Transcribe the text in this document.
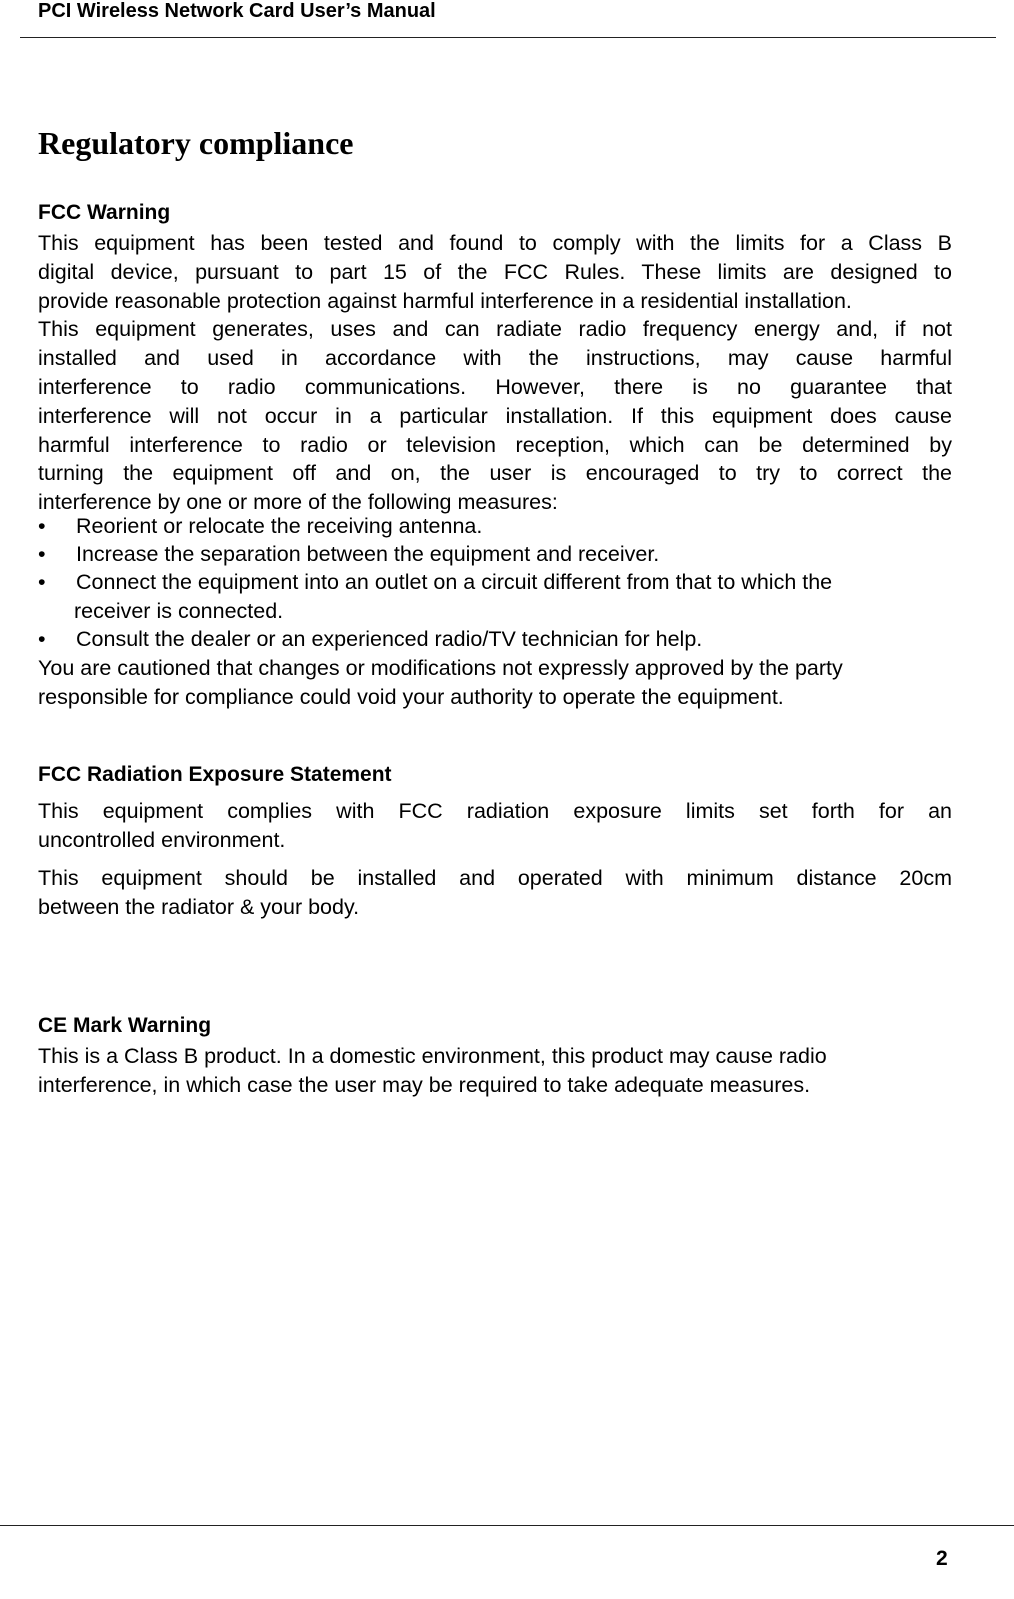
PCI Wireless Network Card User’s Manual
Regulatory compliance
FCC Warning
This equipment has been tested and found to comply with the limits for a Class B
digital device, pursuant to part 15 of the FCC Rules. These limits are designed to
provide reasonable protection against harmful interference in a residential installation.
This equipment generates, uses and can radiate radio frequency energy and, if not
installed and used in accordance with the instructions, may cause harmful
interference to radio communications. However, there is no guarantee that
interference will not occur in a particular installation. If this equipment does cause
harmful interference to radio or television reception, which can be determined by
turning the equipment off and on, the user is encouraged to try to correct the
interference by one or more of the following measures:
• Reorient or relocate the receiving antenna.
• Increase the separation between the equipment and receiver.
• Connect the equipment into an outlet on a circuit different from that to which the
receiver is connected.
• Consult the dealer or an experienced radio/TV technician for help.
You are cautioned that changes or modifications not expressly approved by the party
responsible for compliance could void your authority to operate the equipment.
FCC Radiation Exposure Statement
This equipment complies with FCC radiation exposure limits set forth for an
uncontrolled environment.
This equipment should be installed and operated with minimum distance 20cm
between the radiator & your body.
CE Mark Warning
This is a Class B product. In a domestic environment, this product may cause radio
interference, in which case the user may be required to take adequate measures.
2
